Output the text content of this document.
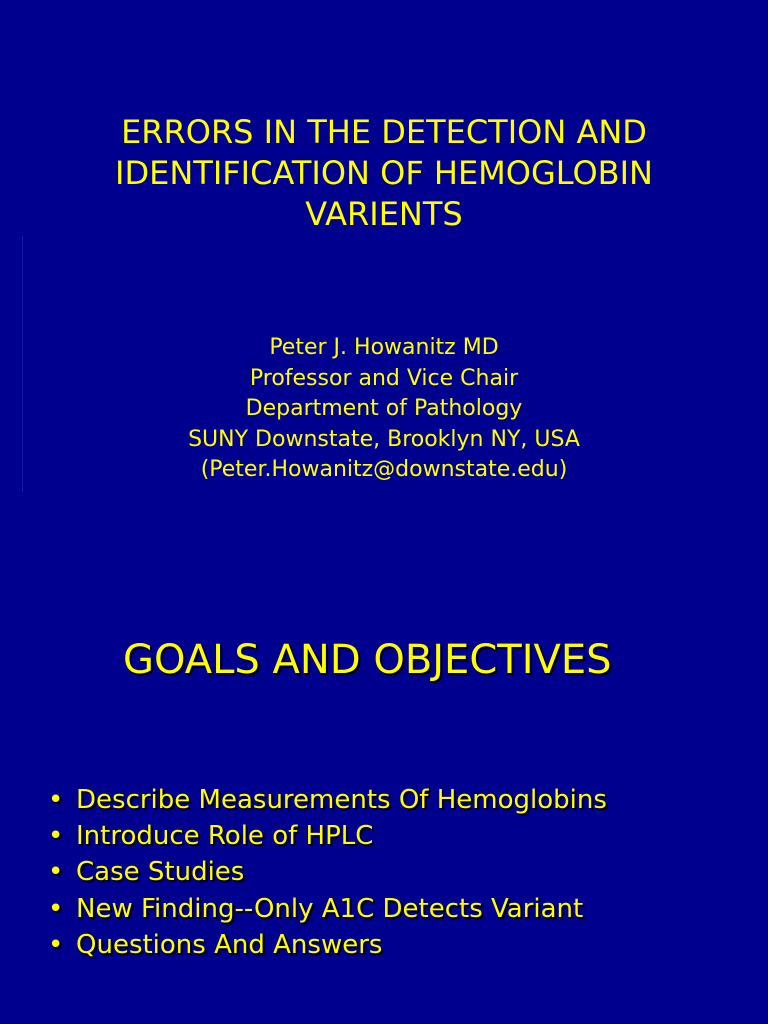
ERRORS IN THE DETECTION AND
IDENTIFICATION OF HEMOGLOBIN
VARIENTS
Peter J. Howanitz MD
Professor and Vice Chair
Department of Pathology
SUNY Downstate, Brooklyn NY, USA
(Peter.Howanitz@downstate.edu)
GOALS AND OBJECTIVES
• Describe Measurements Of Hemoglobins
• Introduce Role of HPLC
• Case Studies
• New Finding--Only A1C Detects Variant
• Questions And Answers
